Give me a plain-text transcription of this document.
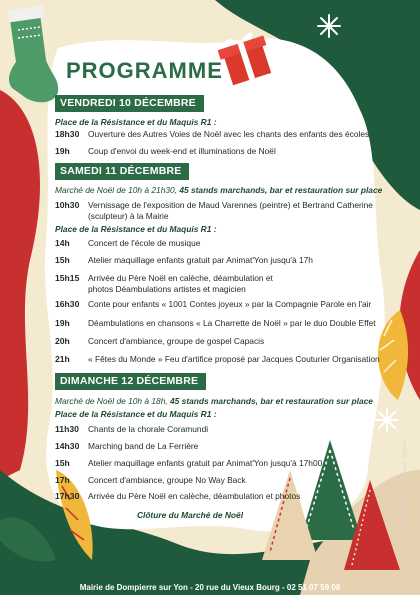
PROGRAMME
VENDREDI 10 DÉCEMBRE
Place de la Résistance et du Maquis R1 :
18h30	Ouverture des Autres Voies de Noël avec les chants des enfants des écoles
19h	Coup d'envoi du week-end et illuminations de Noël
SAMEDI 11 DÉCEMBRE
Marché de Noël de 10h à 21h30, 45 stands marchands, bar et restauration sur place
10h30	Vernissage de l'exposition de Maud Varennes (peintre) et Bertrand Catherine (sculpteur) à la Mairie
Place de la Résistance et du Maquis R1 :
14h	Concert de l'école de musique
15h	Atelier maquillage enfants gratuit par Animat'Yon jusqu'à 17h
15h15	Arrivée du Père Noël en calèche, déambulation et photos Déambulations artistes et magicien
16h30	Conte pour enfants « 1001 Contes joyeux » par la Compagnie Parole en l'air
19h	Déambulations en chansons « La Charrette de Noël » par le duo Double Effet
20h	Concert d'ambiance, groupe de gospel Capacis
21h	« Fêtes du Monde » Feu d'artifice proposé par Jacques Couturier Organisation
DIMANCHE 12 DÉCEMBRE
Marché de Noël de 10h à 18h, 45 stands marchands, bar et restauration sur place
Place de la Résistance et du Maquis R1 :
11h30	Chants de la chorale Coramundi
14h30	Marching band de La Ferrière
15h	Atelier maquillage enfants gratuit par Animat'Yon jusqu'à 17h00
17h	Concert d'ambiance, groupe No Way Back
17h30	Arrivée du Père Noël en calèche, déambulation et photos
Clôture du Marché de Noël	Ne pas jeter sur la voie publique - Agence
Mairie de Dompierre sur Yon - 20 rue du Vieux Bourg - 02 51 07 59 08
